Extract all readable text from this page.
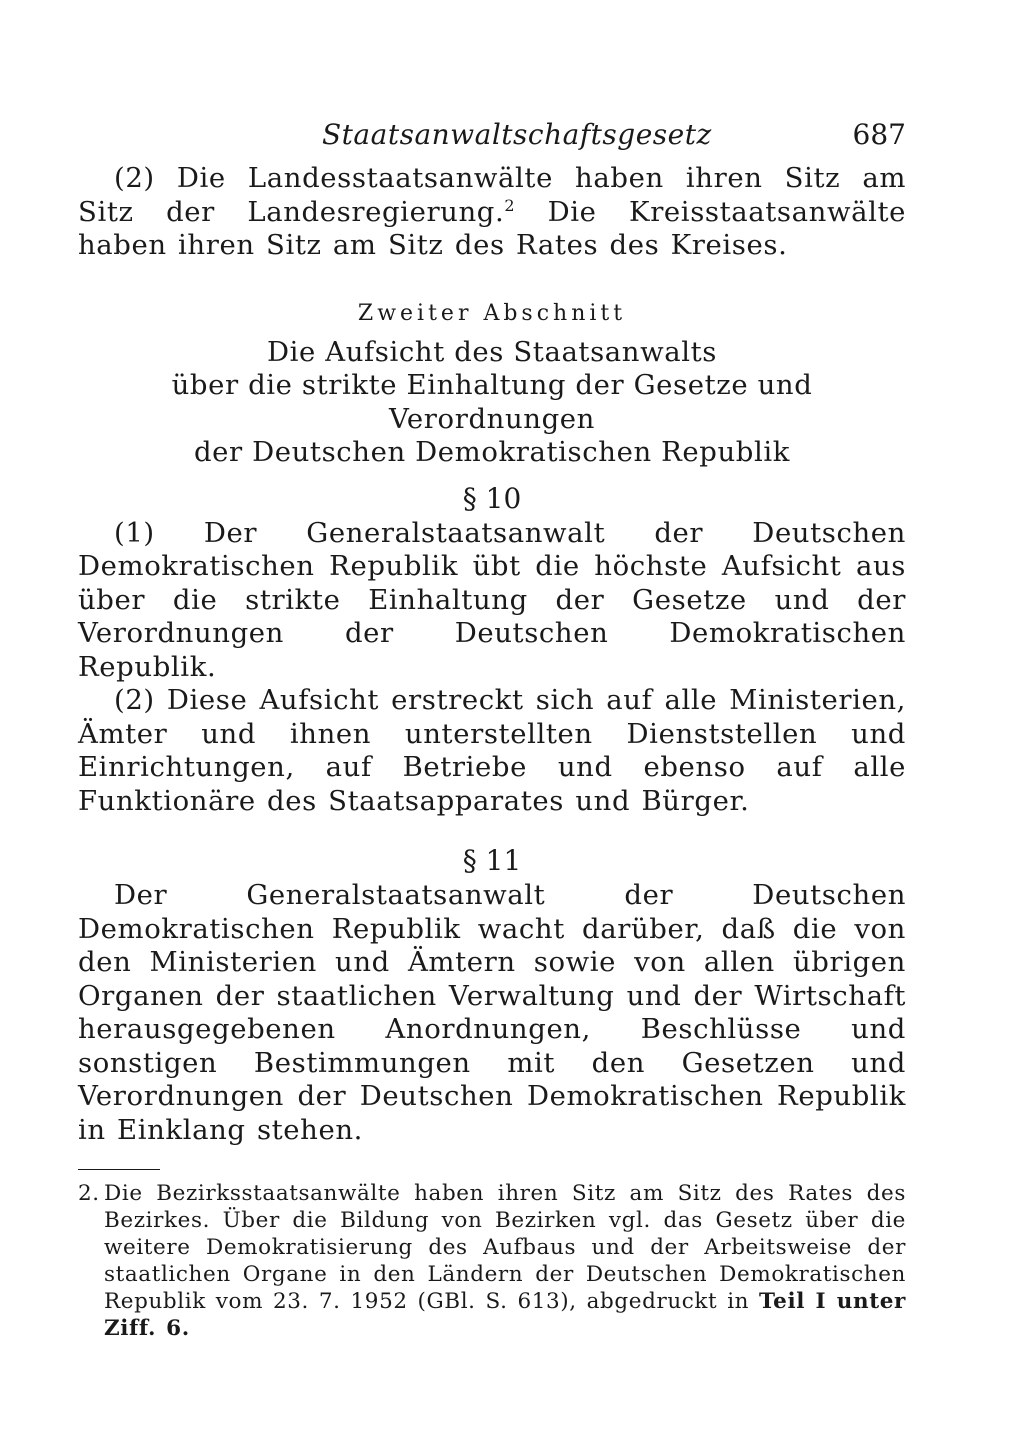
Staatsanwaltschaftsgesetz	687

(2) Die Landesstaatsanwälte haben ihren Sitz am Sitz der Landesregierung.$^2$ Die Kreisstaatsanwälte haben ihren Sitz am Sitz des Rates des Kreises.

Zweiter Abschnitt

Die Aufsicht des Staatsanwalts

über die strikte Einhaltung der Gesetze und Verordnungen

der Deutschen Demokratischen Republik

§ 10

(1) Der Generalstaatsanwalt der Deutschen Demokratischen Republik übt die höchste Aufsicht aus über die strikte Einhaltung der Gesetze und der Verordnungen der Deutschen Demokratischen Republik.

(2) Diese Aufsicht erstreckt sich auf alle Ministerien, Ämter und ihnen unterstellten Dienststellen und Einrichtungen, auf Betriebe und ebenso auf alle Funktionäre des Staatsapparates und Bürger.

§ 11

Der Generalstaatsanwalt der Deutschen Demokratischen Republik wacht darüber, daß die von den Ministerien und Ämtern sowie von allen übrigen Organen der staatlichen Verwaltung und der Wirtschaft herausgegebenen Anordnungen, Beschlüsse und sonstigen Bestimmungen mit den Gesetzen und Verordnungen der Deutschen Demokratischen Republik in Einklang stehen.

2. Die Bezirksstaatsanwälte haben ihren Sitz am Sitz des Rates des Bezirkes. Über die Bildung von Bezirken vgl. das Gesetz über die weitere Demokratisierung des Aufbaus und der Arbeitsweise der staatlichen Organe in den Ländern der Deutschen Demokratischen Republik vom 23. 7. 1952 (GBl. S. 613), abgedruckt in Teil I unter Ziff. 6.
